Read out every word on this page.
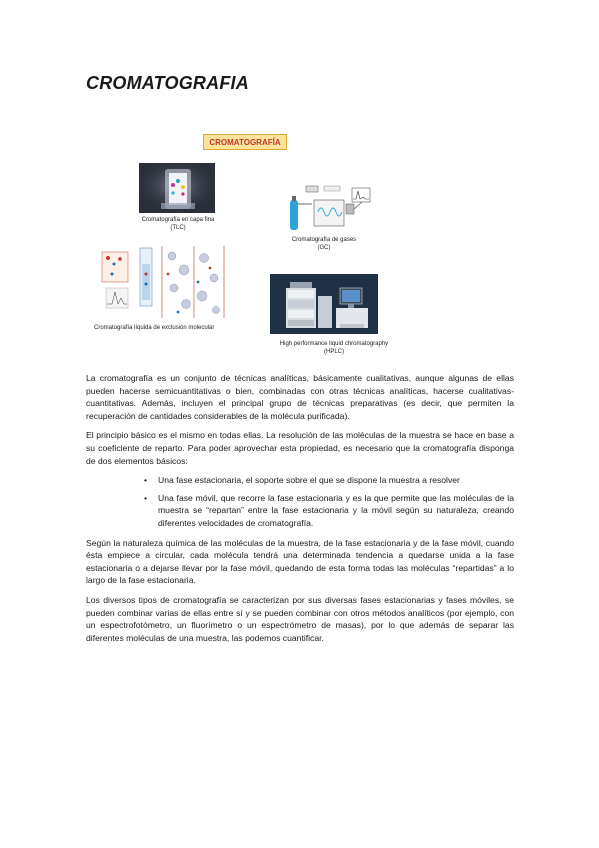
CROMATOGRAFIA
CROMATOGRAFÍA
Cromatografía en capa fina
(TLC)
Cromatografía de gases
(GC)
Cromatografía líquida de exclusión molecular
High performance liquid chromatography
(HPLC)

La cromatografía es un conjunto de técnicas analíticas, básicamente cualitativas, aunque algunas de ellas pueden hacerse semicuantitativas o bien, combinadas con otras técnicas analíticas, hacerse cualitativas-cuantitativas. Además, incluyen el principal grupo de técnicas preparativas (es decir, que permiten la recuperación de cantidades considerables de la molécula purificada).

El principio básico es el mismo en todas ellas. La resolución de las moléculas de la muestra se hace en base a su coeficiente de reparto. Para poder aprovechar esta propiedad, es necesario que la cromatografía disponga de dos elementos básicos:

• Una fase estacionaria, el soporte sobre el que se dispone la muestra a resolver
• Una fase móvil, que recorre la fase estacionaria y es la que permite que las moléculas de la muestra se “repartan” entre la fase estacionaria y la móvil según su naturaleza, creando diferentes velocidades de cromatografía.

Según la naturaleza química de las moléculas de la muestra, de la fase estacionaria y de la fase móvil, cuando ésta empiece a circular, cada molécula tendrá una determinada tendencia a quedarse unida a la fase estacionaria o a dejarse llevar por la fase móvil, quedando de esta forma todas las moléculas “repartidas” a lo largo de la fase estacionaria.

Los diversos tipos de cromatografía se caracterizan por sus diversas fases estacionarias y fases móviles, se pueden combinar varias de ellas entre sí y se pueden combinar con otros métodos analíticos (por ejemplo, con un espectrofotómetro, un fluorímetro o un espectrómetro de masas), por lo que además de separar las diferentes moléculas de una muestra, las podemos cuantificar.
